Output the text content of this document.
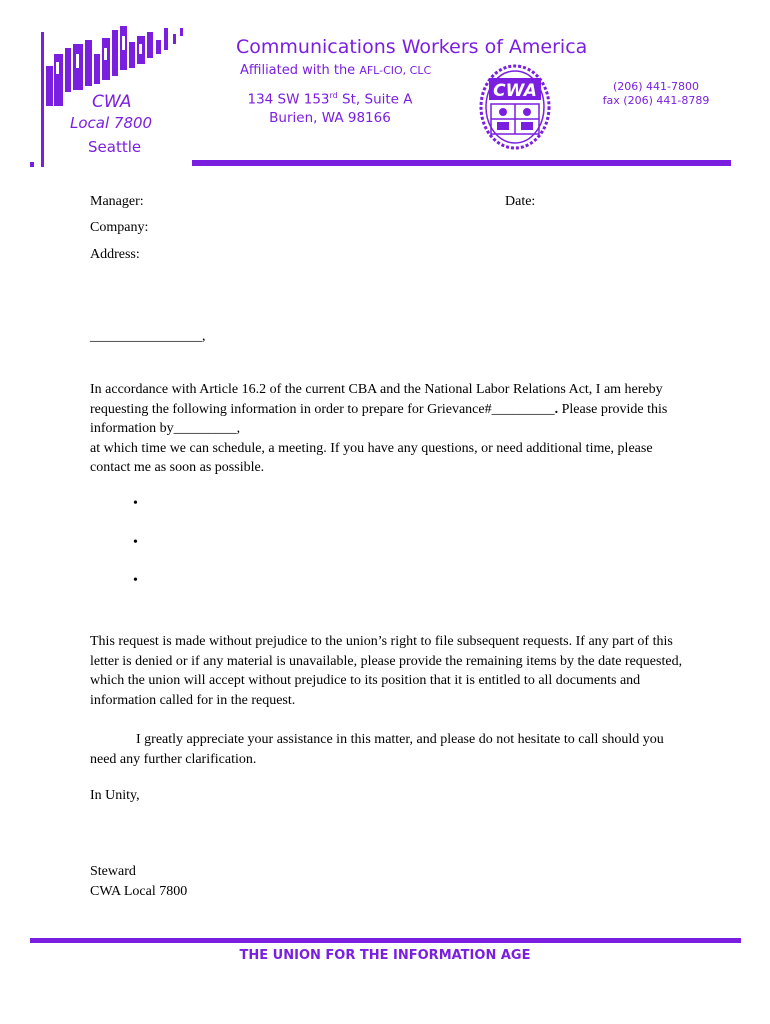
CWA
Local 7800
Seattle
Communications Workers of America
Affiliated with the AFL-CIO, CLC
134 SW 153rd St, Suite A
Burien, WA 98166
CWA	(206) 441-7800
fax (206) 441-8789
Manager:	Date:
Company:
Address:
________________,
In accordance with Article 16.2 of the current CBA and the National Labor Relations Act, I am hereby requesting the following information in order to prepare for Grievance#_________. Please provide this information by_________,
at which time we can schedule, a meeting. If you have any questions, or need additional time, please contact me as soon as possible.
•
•
•
This request is made without prejudice to the union’s right to file subsequent requests. If any part of this letter is denied or if any material is unavailable, please provide the remaining items by the date requested, which the union will accept without prejudice to its position that it is entitled to all documents and information called for in the request.
I greatly appreciate your assistance in this matter, and please do not hesitate to call should you need any further clarification.
In Unity,
Steward
CWA Local 7800
THE UNION FOR THE INFORMATION AGE
